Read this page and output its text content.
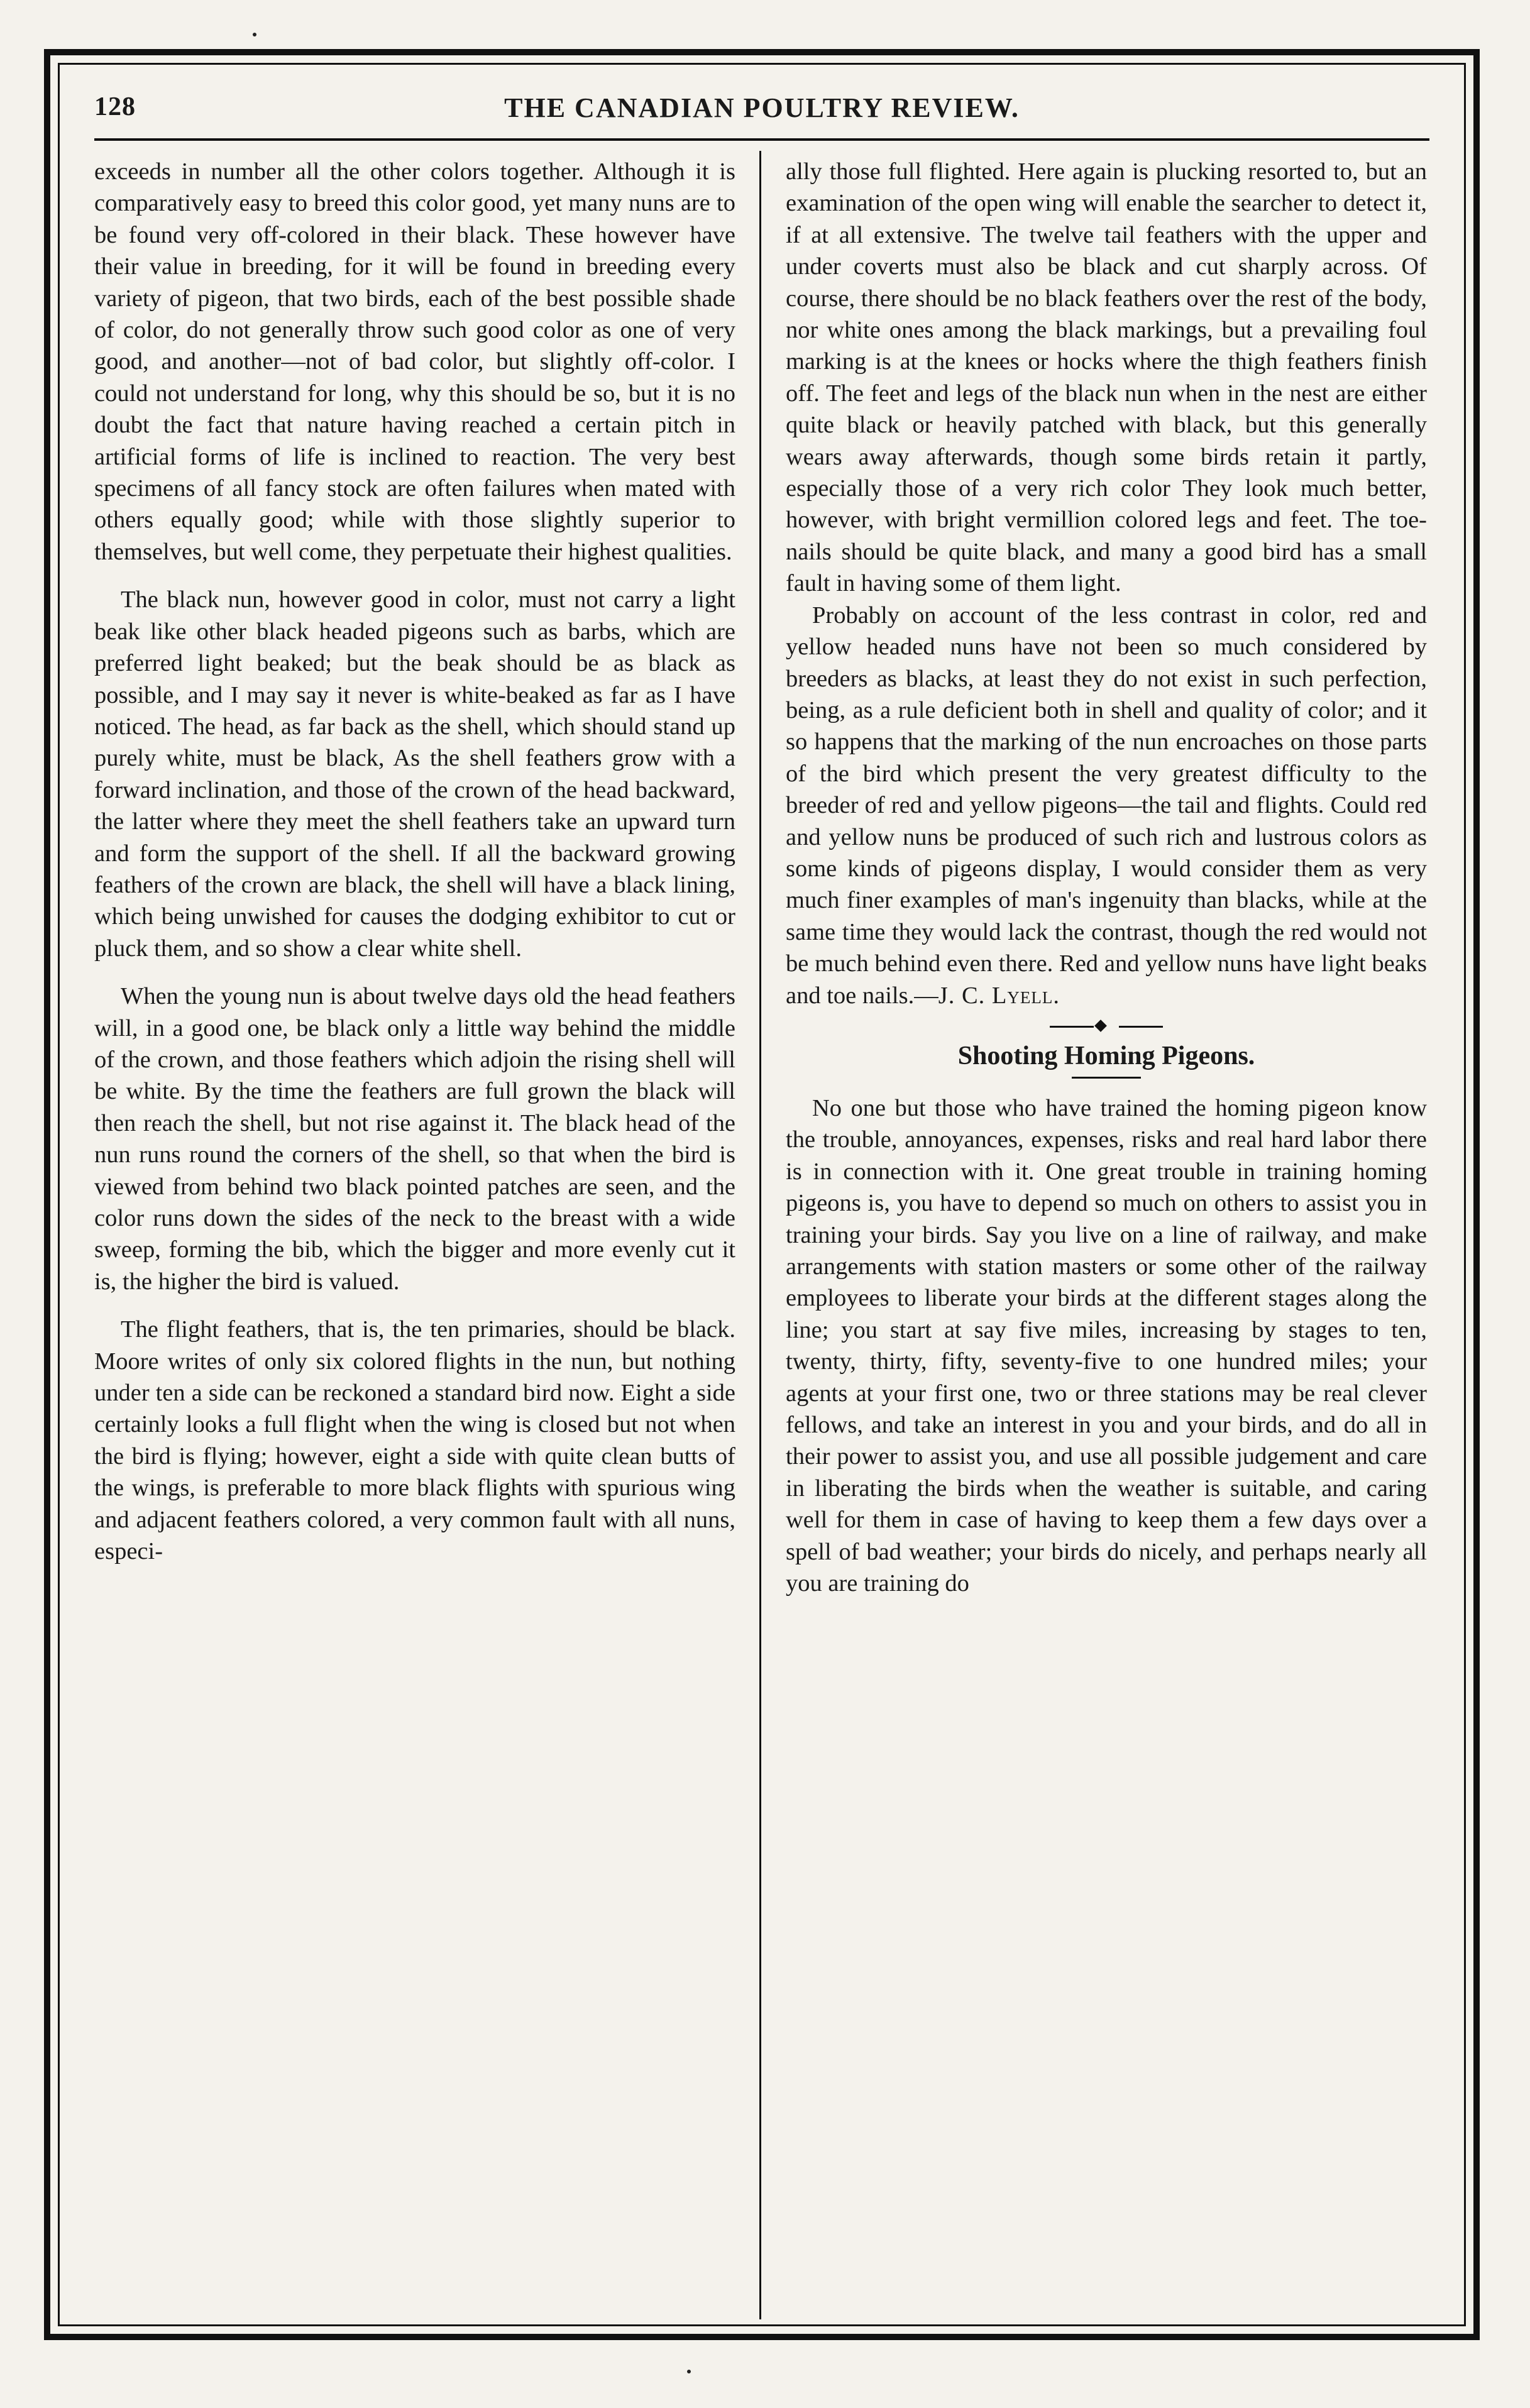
128	THE CANADIAN POULTRY REVIEW.

exceeds in number all the other colors together. Although it is comparatively easy to breed this color good, yet many nuns are to be found very off-colored in their black. These however have their value in breeding, for it will be found in breeding every variety of pigeon, that two birds, each of the best possible shade of color, do not generally throw such good color as one of very good, and another—not of bad color, but slightly off-color. I could not understand for long, why this should be so, but it is no doubt the fact that nature having reached a certain pitch in artificial forms of life is inclined to reaction. The very best specimens of all fancy stock are often failures when mated with others equally good; while with those slightly superior to themselves, but well come, they perpetuate their highest qualities.

The black nun, however good in color, must not carry a light beak like other black headed pigeons such as barbs, which are preferred light beaked; but the beak should be as black as possible, and I may say it never is white-beaked as far as I have noticed. The head, as far back as the shell, which should stand up purely white, must be black, As the shell feathers grow with a forward inclination, and those of the crown of the head backward, the latter where they meet the shell feathers take an upward turn and form the support of the shell. If all the backward growing feathers of the crown are black, the shell will have a black lining, which being unwished for causes the dodging exhibitor to cut or pluck them, and so show a clear white shell.

When the young nun is about twelve days old the head feathers will, in a good one, be black only a little way behind the middle of the crown, and those feathers which adjoin the rising shell will be white. By the time the feathers are full grown the black will then reach the shell, but not rise against it. The black head of the nun runs round the corners of the shell, so that when the bird is viewed from behind two black pointed patches are seen, and the color runs down the sides of the neck to the breast with a wide sweep, forming the bib, which the bigger and more evenly cut it is, the higher the bird is valued.

The flight feathers, that is, the ten primaries, should be black. Moore writes of only six colored flights in the nun, but nothing under ten a side can be reckoned a standard bird now. Eight a side certainly looks a full flight when the wing is closed but not when the bird is flying; however, eight a side with quite clean butts of the wings, is preferable to more black flights with spurious wing and adjacent feathers colored, a very common fault with all nuns, especi-

ally those full flighted. Here again is plucking resorted to, but an examination of the open wing will enable the searcher to detect it, if at all extensive. The twelve tail feathers with the upper and under coverts must also be black and cut sharply across. Of course, there should be no black feathers over the rest of the body, nor white ones among the black markings, but a prevailing foul marking is at the knees or hocks where the thigh feathers finish off. The feet and legs of the black nun when in the nest are either quite black or heavily patched with black, but this generally wears away afterwards, though some birds retain it partly, especially those of a very rich color They look much better, however, with bright vermillion colored legs and feet. The toe-nails should be quite black, and many a good bird has a small fault in having some of them light.

Probably on account of the less contrast in color, red and yellow headed nuns have not been so much considered by breeders as blacks, at least they do not exist in such perfection, being, as a rule deficient both in shell and quality of color; and it so happens that the marking of the nun encroaches on those parts of the bird which present the very greatest difficulty to the breeder of red and yellow pigeons—the tail and flights. Could red and yellow nuns be produced of such rich and lustrous colors as some kinds of pigeons display, I would consider them as very much finer examples of man's ingenuity than blacks, while at the same time they would lack the contrast, though the red would not be much behind even there. Red and yellow nuns have light beaks and toe nails.—J. C. Lyell.

Shooting Homing Pigeons.

No one but those who have trained the homing pigeon know the trouble, annoyances, expenses, risks and real hard labor there is in connection with it. One great trouble in training homing pigeons is, you have to depend so much on others to assist you in training your birds. Say you live on a line of railway, and make arrangements with station masters or some other of the railway employees to liberate your birds at the different stages along the line; you start at say five miles, increasing by stages to ten, twenty, thirty, fifty, seventy-five to one hundred miles; your agents at your first one, two or three stations may be real clever fellows, and take an interest in you and your birds, and do all in their power to assist you, and use all possible judgement and care in liberating the birds when the weather is suitable, and caring well for them in case of having to keep them a few days over a spell of bad weather; your birds do nicely, and perhaps nearly all you are training do
